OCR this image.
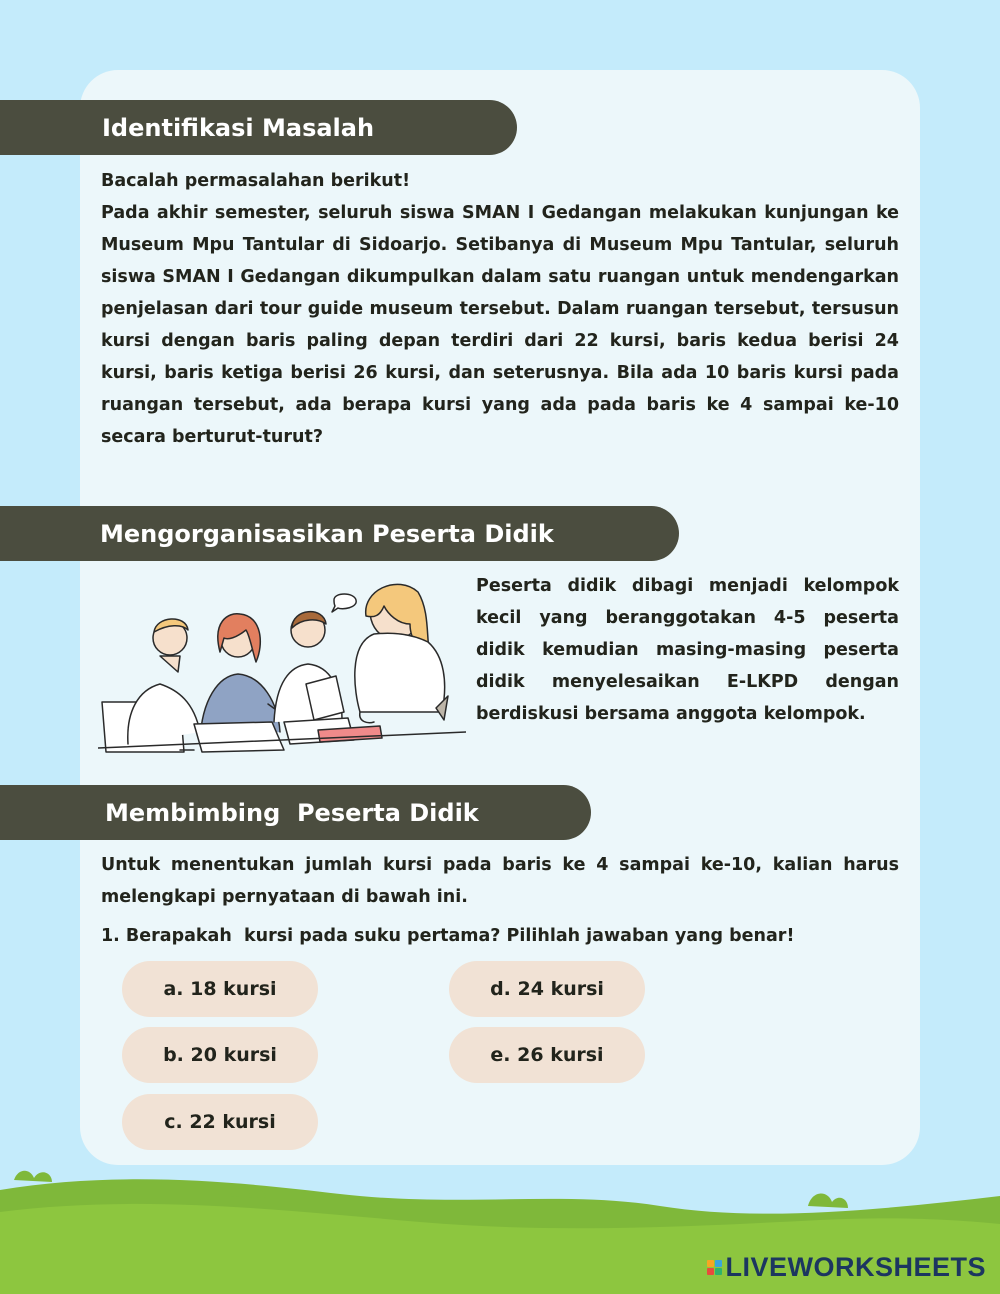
Identifikasi Masalah

Bacalah permasalahan berikut!

Pada akhir semester, seluruh siswa SMAN I Gedangan melakukan kunjungan ke Museum Mpu Tantular di Sidoarjo. Setibanya di Museum Mpu Tantular, seluruh siswa SMAN I Gedangan dikumpulkan dalam satu ruangan untuk mendengarkan penjelasan dari tour guide museum tersebut. Dalam ruangan tersebut, tersusun kursi dengan baris paling depan terdiri dari 22 kursi, baris kedua berisi 24 kursi, baris ketiga berisi 26 kursi, dan seterusnya. Bila ada 10 baris kursi pada ruangan tersebut, ada berapa kursi yang ada pada baris ke 4 sampai ke-10 secara berturut-turut?

Mengorganisasikan Peserta Didik

Peserta didik dibagi menjadi kelompok kecil yang beranggotakan 4-5 peserta didik kemudian masing-masing peserta didik menyelesaikan E-LKPD dengan berdiskusi bersama anggota kelompok.

Membimbing  Peserta Didik

Untuk menentukan jumlah kursi pada baris ke 4 sampai ke-10, kalian harus melengkapi pernyataan di bawah ini.

1. Berapakah  kursi pada suku pertama? Pilihlah jawaban yang benar!

a. 18 kursi
b. 20 kursi
c. 22 kursi
d. 24 kursi
e. 26 kursi
LIVEWORKSHEETS
